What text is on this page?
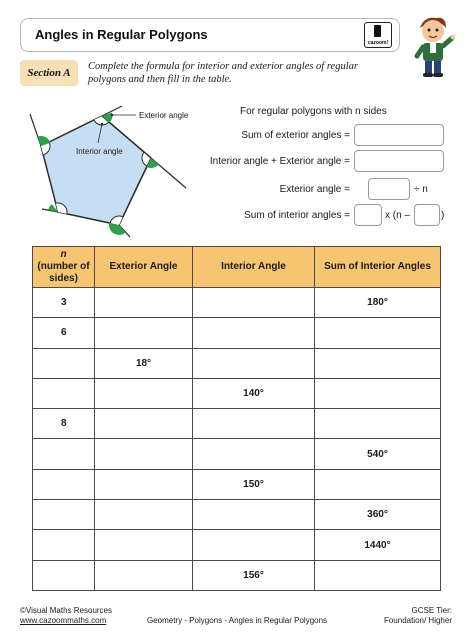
Angles in Regular Polygons
cazoom!
Section A
Complete the formula for interior and exterior angles of regular polygons and then fill in the table.
Exterior angle
Interior angle
For regular polygons with n sides
Sum of exterior angles =
Interior angle + Exterior angle =
Exterior angle =	÷ n
Sum of interior angles =	x (n –	)
n
(number of sides)	Exterior Angle	Interior Angle	Sum of Interior Angles
3			180°
6			
	18°		
		140°	
8			
			540°
		150°	
			360°
			1440°
		156°	
©Visual Maths Resources
www.cazoommaths.com	Geometry - Polygons - Angles in Regular Polygons
GCSE Tier:
Foundation/ Higher
